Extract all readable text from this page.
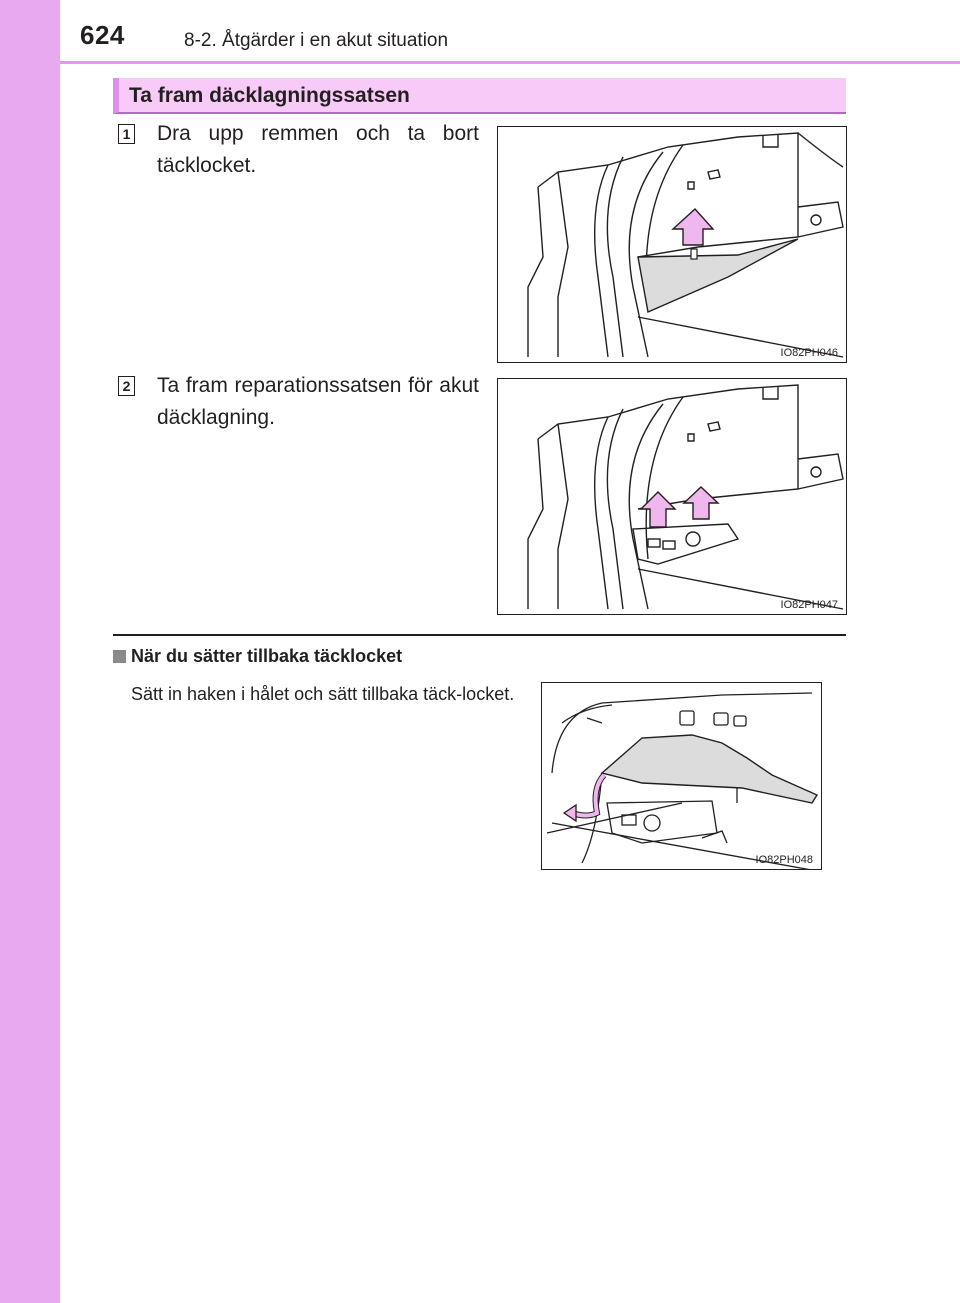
624	8-2. Åtgärder i en akut situation
Ta fram däcklagningssatsen
1 Dra upp remmen och ta bort täcklocket.
IO82PH046
2 Ta fram reparationssatsen för akut däcklagning.
IO82PH047
När du sätter tillbaka täcklocket
Sätt in haken i hålet och sätt tillbaka täck-locket.
IO82PH048
